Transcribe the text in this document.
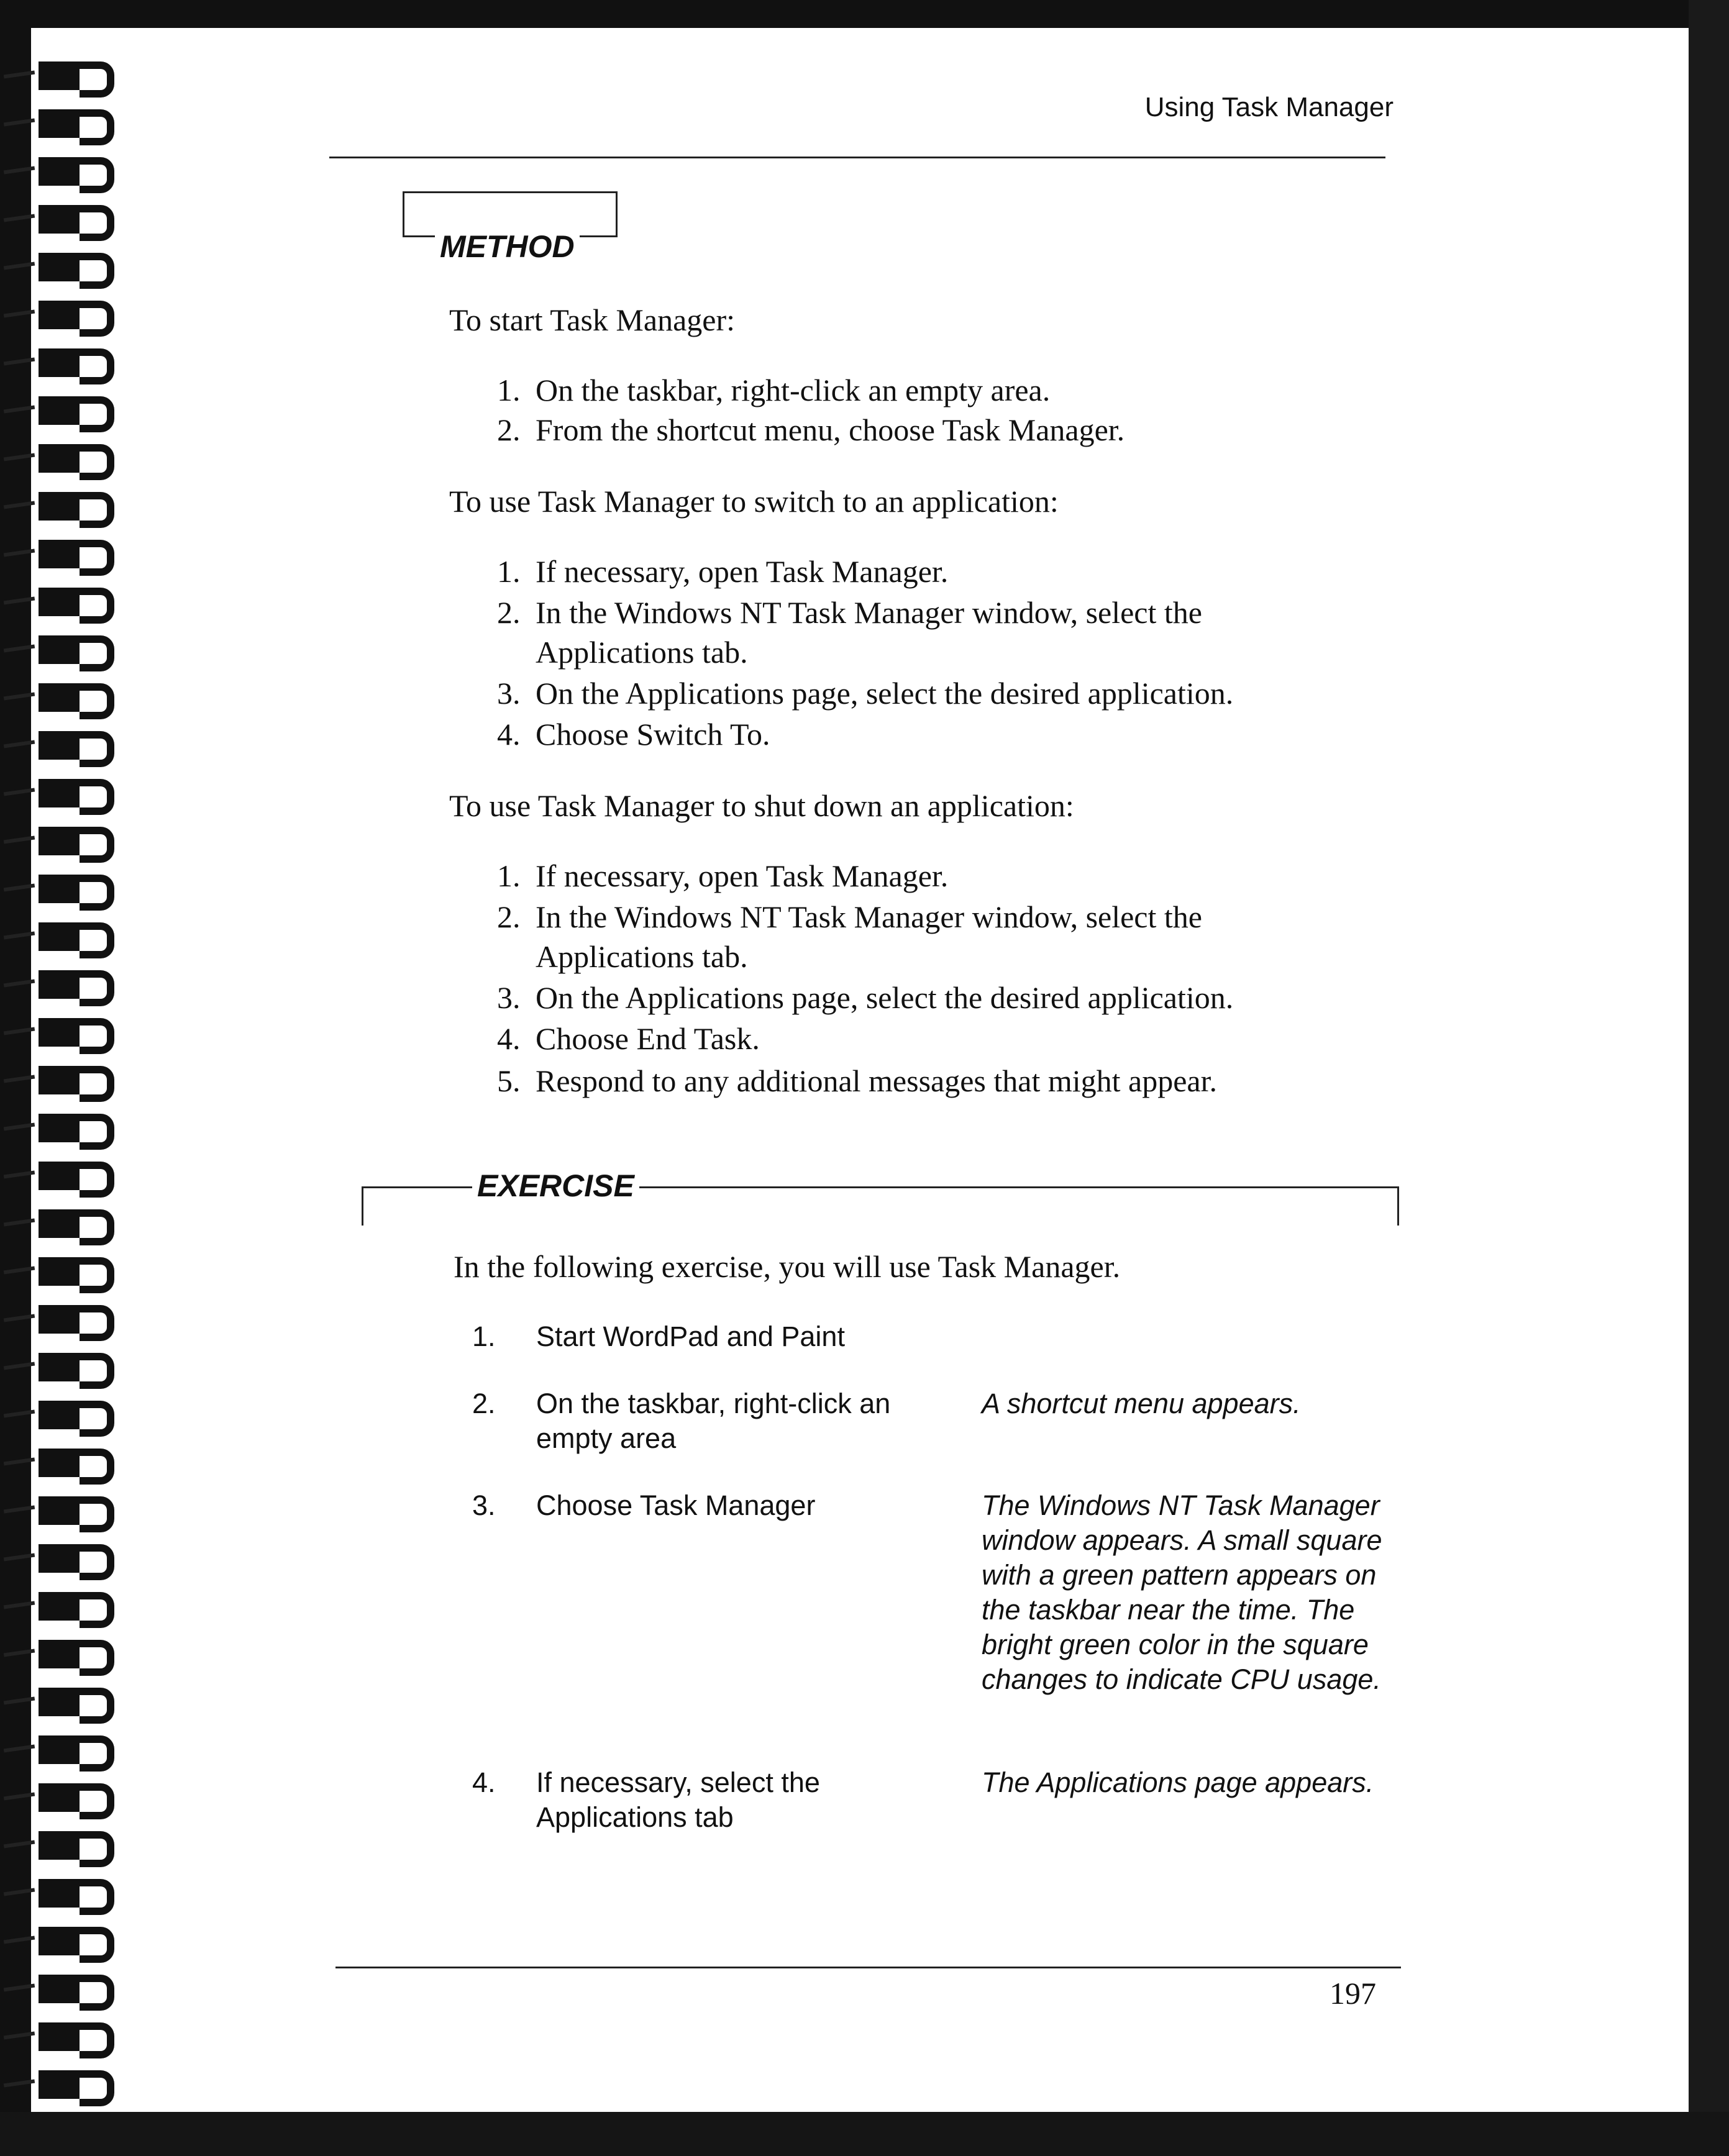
Using Task Manager
METHOD
To start Task Manager:
1. On the taskbar, right-click an empty area.
2. From the shortcut menu, choose Task Manager.
To use Task Manager to switch to an application:
1. If necessary, open Task Manager.
2. In the Windows NT Task Manager window, select the
Applications tab.
3. On the Applications page, select the desired application.
4. Choose Switch To.
To use Task Manager to shut down an application:
1. If necessary, open Task Manager.
2. In the Windows NT Task Manager window, select the
Applications tab.
3. On the Applications page, select the desired application.
4. Choose End Task.
5. Respond to any additional messages that might appear.
EXERCISE
In the following exercise, you will use Task Manager.
1. Start WordPad and Paint
2. On the taskbar, right-click an empty area
A shortcut menu appears.
3. Choose Task Manager	The Windows NT Task Manager window appears. A small square with a green pattern appears on the taskbar near the time. The bright green color in the square changes to indicate CPU usage.
4. If necessary, select the Applications tab
The Applications page appears.
197
